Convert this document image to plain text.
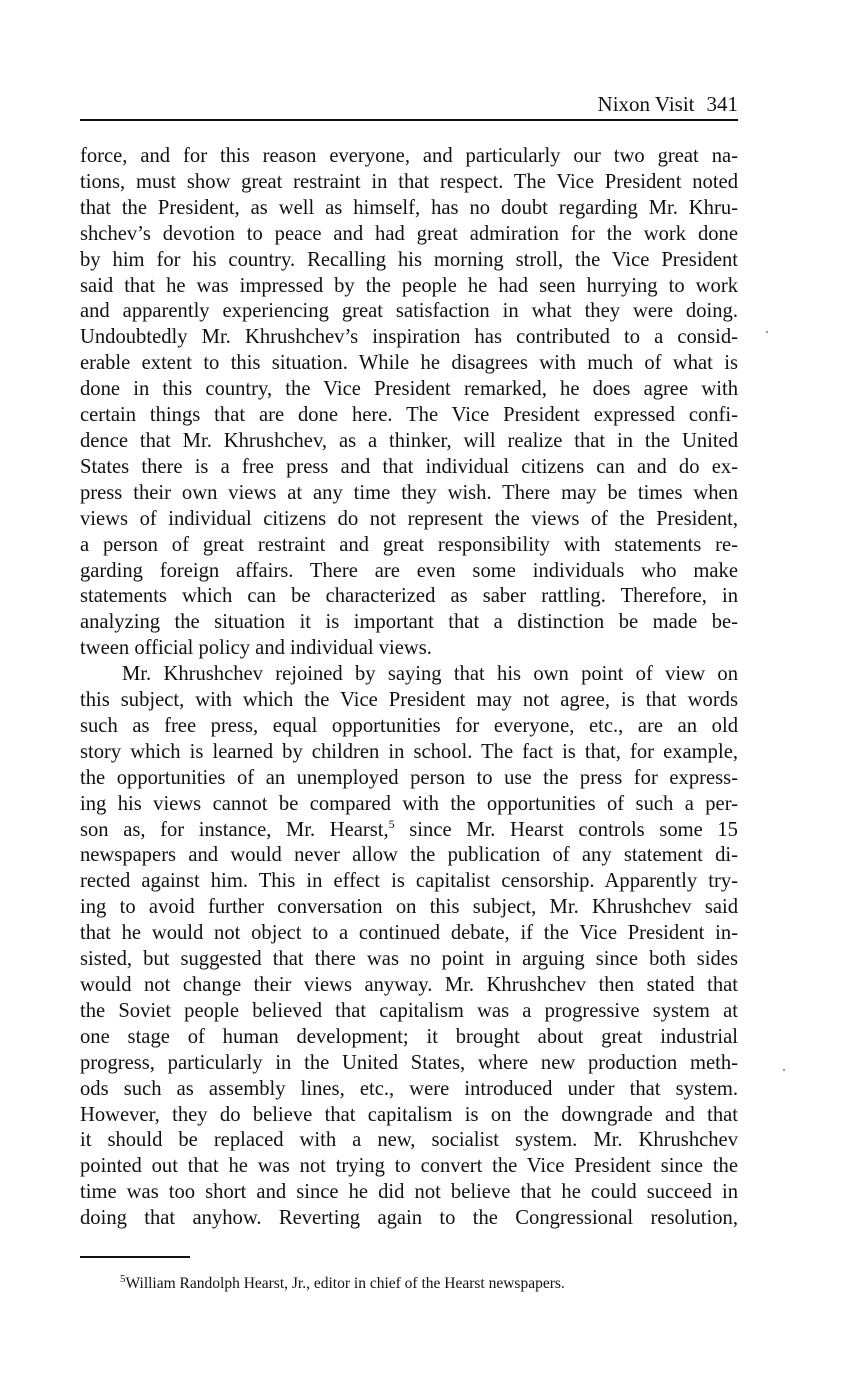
Nixon Visit 341
force, and for this reason everyone, and particularly our two great na-
tions, must show great restraint in that respect. The Vice President noted
that the President, as well as himself, has no doubt regarding Mr. Khru-
shchev’s devotion to peace and had great admiration for the work done
by him for his country. Recalling his morning stroll, the Vice President
said that he was impressed by the people he had seen hurrying to work
and apparently experiencing great satisfaction in what they were doing.
Undoubtedly Mr. Khrushchev’s inspiration has contributed to a consid-
erable extent to this situation. While he disagrees with much of what is
done in this country, the Vice President remarked, he does agree with
certain things that are done here. The Vice President expressed confi-
dence that Mr. Khrushchev, as a thinker, will realize that in the United
States there is a free press and that individual citizens can and do ex-
press their own views at any time they wish. There may be times when
views of individual citizens do not represent the views of the President,
a person of great restraint and great responsibility with statements re-
garding foreign affairs. There are even some individuals who make
statements which can be characterized as saber rattling. Therefore, in
analyzing the situation it is important that a distinction be made be-
tween official policy and individual views.
Mr. Khrushchev rejoined by saying that his own point of view on
this subject, with which the Vice President may not agree, is that words
such as free press, equal opportunities for everyone, etc., are an old
story which is learned by children in school. The fact is that, for example,
the opportunities of an unemployed person to use the press for express-
ing his views cannot be compared with the opportunities of such a per-
son as, for instance, Mr. Hearst,$^5$ since Mr. Hearst controls some 15
newspapers and would never allow the publication of any statement di-
rected against him. This in effect is capitalist censorship. Apparently try-
ing to avoid further conversation on this subject, Mr. Khrushchev said
that he would not object to a continued debate, if the Vice President in-
sisted, but suggested that there was no point in arguing since both sides
would not change their views anyway. Mr. Khrushchev then stated that
the Soviet people believed that capitalism was a progressive system at
one stage of human development; it brought about great industrial
progress, particularly in the United States, where new production meth-
ods such as assembly lines, etc., were introduced under that system.
However, they do believe that capitalism is on the downgrade and that
it should be replaced with a new, socialist system. Mr. Khrushchev
pointed out that he was not trying to convert the Vice President since the
time was too short and since he did not believe that he could succeed in
doing that anyhow. Reverting again to the Congressional resolution,
$^5$William Randolph Hearst, Jr., editor in chief of the Hearst newspapers.
